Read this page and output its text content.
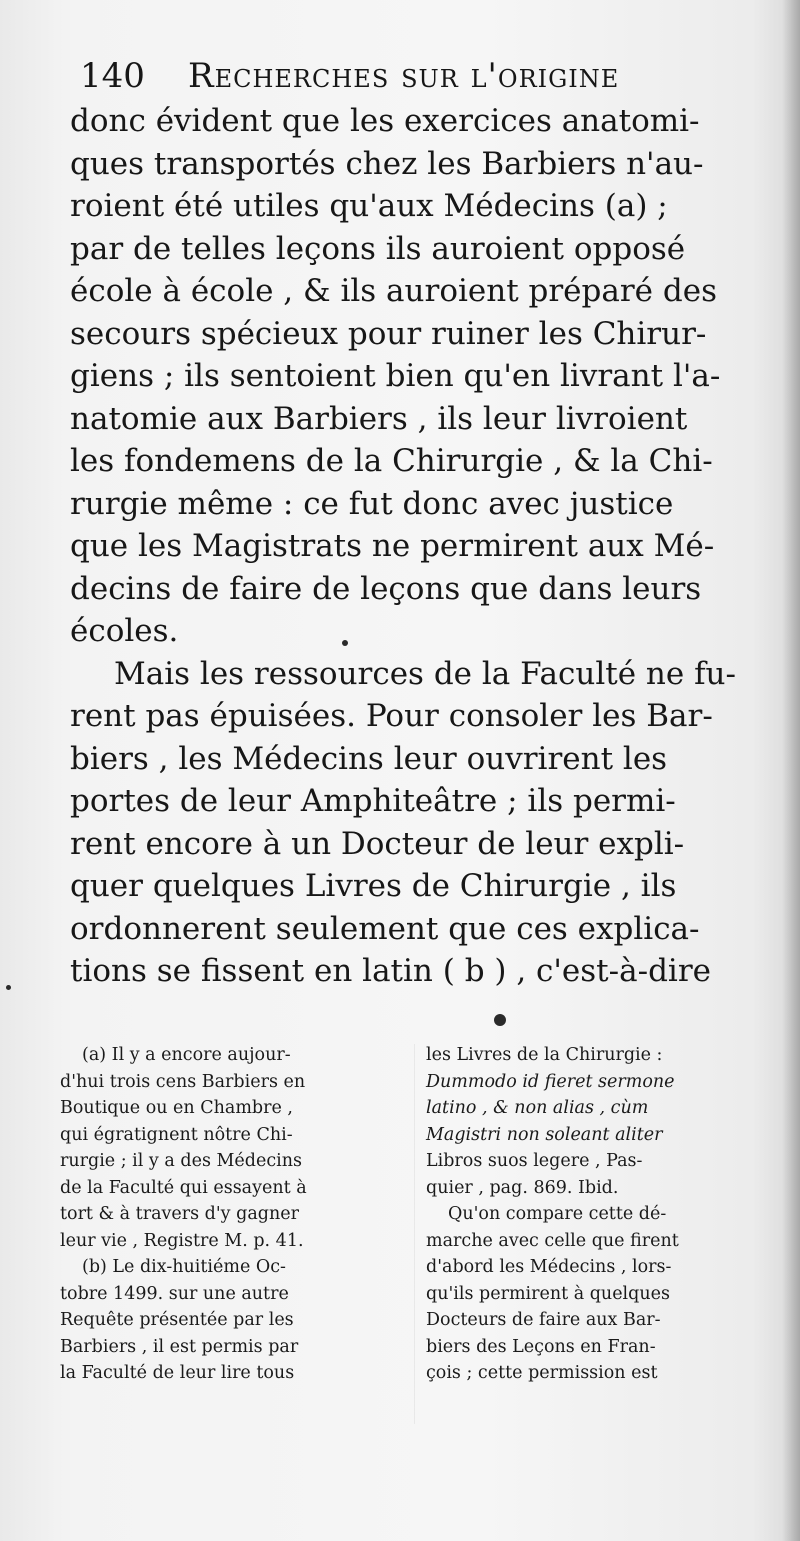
140 Recherches sur l'origine
donc évident que les exercices anatomi-
ques transportés chez les Barbiers n'au-
roient été utiles qu'aux Médecins (a) ;
par de telles leçons ils auroient opposé
école à école , & ils auroient préparé des
secours spécieux pour ruiner les Chirur-
giens ; ils sentoient bien qu'en livrant l'a-
natomie aux Barbiers , ils leur livroient
les fondemens de la Chirurgie , & la Chi-
rurgie même : ce fut donc avec justice
que les Magistrats ne permirent aux Mé-
decins de faire de leçons que dans leurs
écoles.
Mais les ressources de la Faculté ne fu-
rent pas épuisées. Pour consoler les Bar-
biers , les Médecins leur ouvrirent les
portes de leur Amphiteâtre ; ils permi-
rent encore à un Docteur de leur expli-
quer quelques Livres de Chirurgie , ils
ordonnerent seulement que ces explica-
tions se fissent en latin ( b ) , c'est-à-dire
(a) Il y a encore aujour-
d'hui trois cens Barbiers en
Boutique ou en Chambre ,
qui égratignent nôtre Chi-
rurgie ; il y a des Médecins
de la Faculté qui essayent à
tort & à travers d'y gagner
leur vie , Registre M. p. 41.
(b) Le dix-huitiéme Oc-
tobre 1499. sur une autre
Requête présentée par les
Barbiers , il est permis par
la Faculté de leur lire tous
les Livres de la Chirurgie :
Dummodo id fieret sermone
latino , & non alias , cùm
Magistri non soleant aliter
Libros suos legere , Pas-
quier , pag. 869. Ibid.
Qu'on compare cette dé-
marche avec celle que firent
d'abord les Médecins , lors-
qu'ils permirent à quelques
Docteurs de faire aux Bar-
biers des Leçons en Fran-
çois ; cette permission est
